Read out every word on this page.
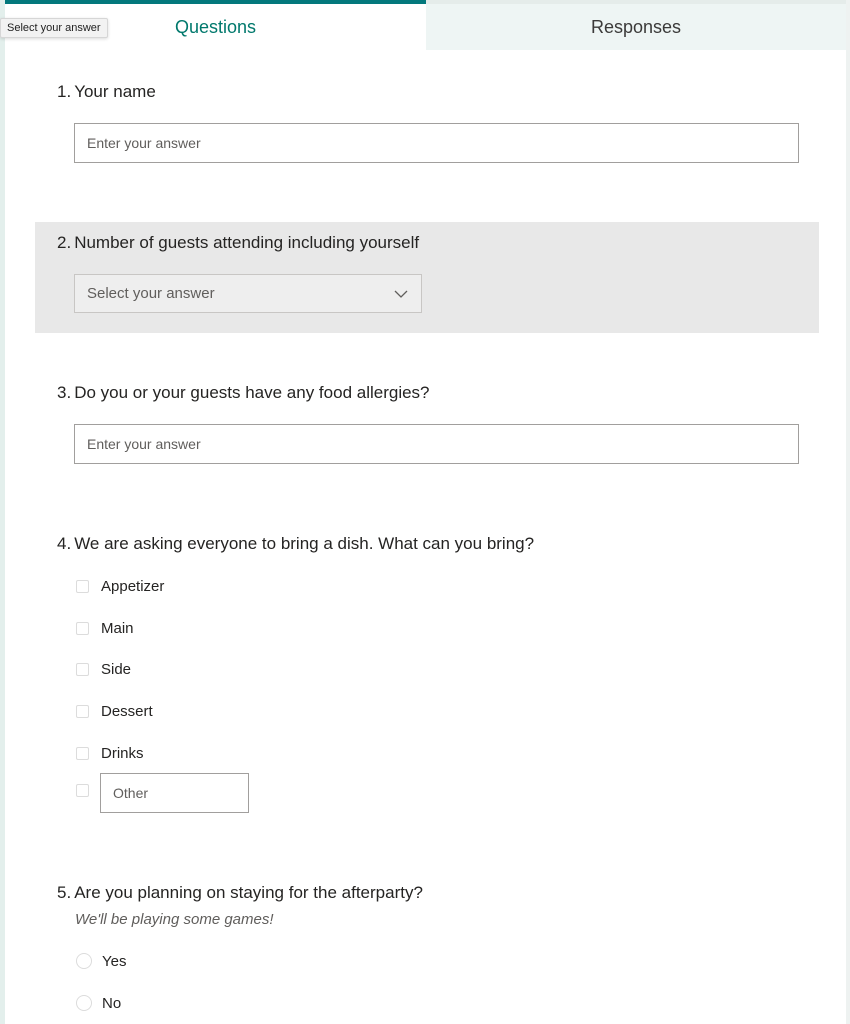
Questions	Responses
Select your answer
1. Your name
Enter your answer
2. Number of guests attending including yourself
Select your answer
3. Do you or your guests have any food allergies?
Enter your answer
4. We are asking everyone to bring a dish. What can you bring?
Appetizer
Main
Side
Dessert
Drinks
Other
5. Are you planning on staying for the afterparty?
We'll be playing some games!
Yes
No
